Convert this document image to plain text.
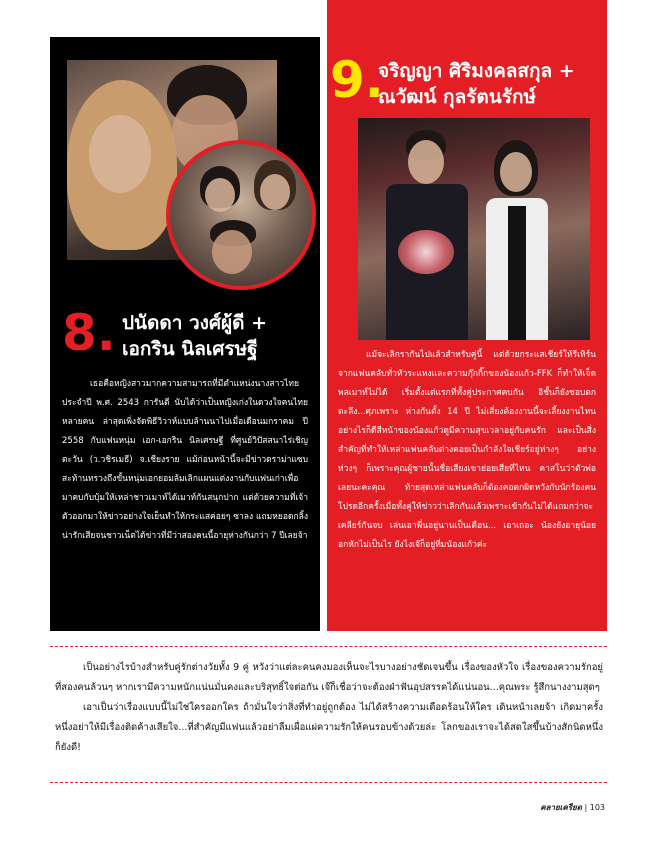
8. ปนัดดา วงศ์ผู้ดี +
เอกริน นิลเศรษฐี
เธอคือหญิงสาวมากความสามารถที่มีตำแหน่งนางสาวไทยประจำปี พ.ศ. 2543 การันตี นับได้ว่าเป็นหญิงเก่งในดวงใจคนไทยหลายคน ล่าสุดเพิ่งจัดพิธีวิวาห์แบบล้านนาไปเมื่อเดือนมกราคม ปี 2558 กับแฟนหนุ่ม เอก-เอกริน นิลเศรษฐี ที่ศูนย์วิปัสสนาไร่เชิญตะวัน (ว.วชิรเมธี) จ.เชียงราย แม้ก่อนหน้านี้จะมีข่าวดราม่าแซบสะท้านทรวงถึงขั้นหนุ่มเอกยอมล้มเลิกแผนแต่งงานกับแฟนเก่าเพื่อมาคบกับบุ้มให้เหล่าชาวเมาท์ได้เมาท์กันสนุกปาก แต่ด้วยความที่เจ้าตัวออกมาให้ข่าวอย่างใจเย็นทำให้กระแสค่อยๆ ซาลง แถมหยอดกลิ้งน่ารักเสียจนชาวเน็ตได้ข่าวที่มีว่าสองคนนี้อายุห่างกันกว่า 7 ปีเลยจ้า
9.
จริญญา ศิริมงคลสกุล +
ณวัฒน์ กุลรัตนรักษ์
แม้จะเลิกรากันไปแล้วสำหรับคู่นี้ แต่ด้วยกระแสเชียร์ให้รีเทิร์นจากแฟนคลับทั่วหัวระแหงและความกุ๊กกิ๊กของน้องแก้ว-FFK ก็ทำให้เจ็ดพลเมาท์ไม่ได้ เริ่มตั้งแต่แรกที่ทั้งคู่ประกาศคบกัน อิชั้นก็ยังชอบตกตะลึง...ศุภเพราะ ห่างกันตั้ง 14 ปี ไม่เสี่ยงต้องงานนี้จะเลี้ยงงานไหน อย่างไรก็ดีสีหน้าของน้องแก้วดูมีความสุขเวลาอยู่กับคนรัก และเป็นสิ่งสำคัญที่ทำให้เหล่าแฟนคลับต่างคอยเป็นกำลังใจเชียร์อยู่ห่างๆ อย่างห่วงๆ ก็เพราะคุณผู้ชายนั้นชื่อเสียงเขาย่อยเสียที่ไหน คาสโนว่าตัวพ่อเลยนะคะคุณ ท้ายสุดเหล่าแฟนคลับก็ต้องคอตกผิดหวังกับนักร้องคนโปรดอีกครั้งเมื่อทั้งคู่ให้ข่าวว่าเลิกกันแล้วเพราะเข้ากันไม่ได้แถมกว่าจะเคลียร์กันจบ เล่นเอาพี่นอยู่นานเป็นเดือน... เอาเถอะ น้องยังอายุน้อย อกหักไม่เป็นไร ยังไงเจ๊ก็อยู่ที่มน้องแก้วค่ะ

เป็นอย่างไรบ้างสำหรับคู่รักต่างวัยทั้ง 9 คู่ หวังว่าแต่ละคนคงมองเห็นจะไรบางอย่างชัดเจนขึ้น เรื่องของหัวใจ เรื่องของความรักอยู่ที่สองคนล้วนๆ หากเรามีความหนักแน่นมั่นคงและบริสุทธิ์ใจต่อกัน เจ๊ก็เชื่อว่าจะต้องฝ่าฟันอุปสรรคได้แน่นอน...คุณพระ รู้สึกนางงามสุดๆ

เอาเป็นว่าเรื่องแบบนี้ไม่ใช่ใครออกใคร ถ้ามั่นใจว่าสิ่งที่ทำอยู่ถูกต้อง ไม่ได้สร้างความเดือดร้อนให้ใคร เดินหน้าเลยจ้า เกิดมาครั้งหนึ่งอย่าให้มีเรื่องติดค้างเสียใจ...ที่สำคัญมีแฟนแล้วอย่าลืมเผื่อแผ่ความรักให้คนรอบข้างด้วยล่ะ โลกของเราจะได้สดใสขึ้นบ้างสักนิดหนึ่งก็ยังดี!

คลายเครียด | 103
